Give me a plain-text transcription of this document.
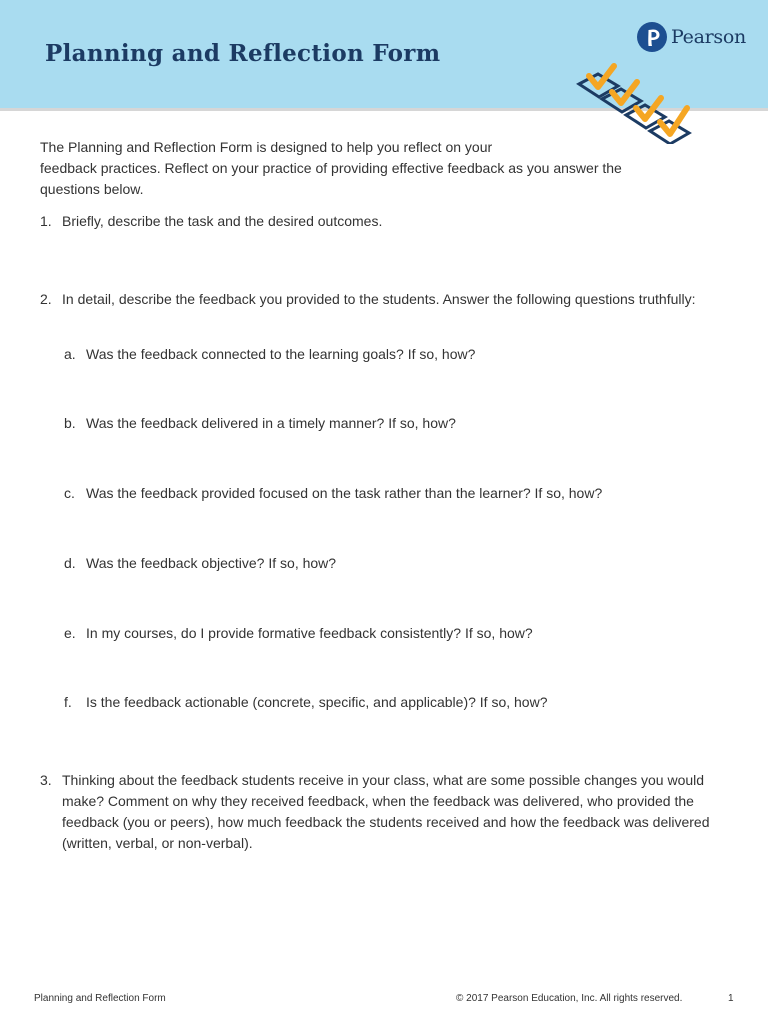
Planning and Reflection Form
Pearson

The Planning and Reflection Form is designed to help you reflect on your
feedback practices. Reflect on your practice of providing effective feedback as you answer the
questions below.

1. Briefly, describe the task and the desired outcomes.
2. In detail, describe the feedback you provided to the students. Answer the following questions truthfully:
a. Was the feedback connected to the learning goals? If so, how?
b. Was the feedback delivered in a timely manner? If so, how?
c. Was the feedback provided focused on the task rather than the learner? If so, how?
d. Was the feedback objective? If so, how?
e. In my courses, do I provide formative feedback consistently? If so, how?
f. Is the feedback actionable (concrete, specific, and applicable)? If so, how?
3. Thinking about the feedback students receive in your class, what are some possible changes you would make? Comment on why they received feedback, when the feedback was delivered, who provided the feedback (you or peers), how much feedback the students received and how the feedback was delivered (written, verbal, or non-verbal).
Planning and Reflection Form	© 2017 Pearson Education, Inc. All rights reserved.	1
